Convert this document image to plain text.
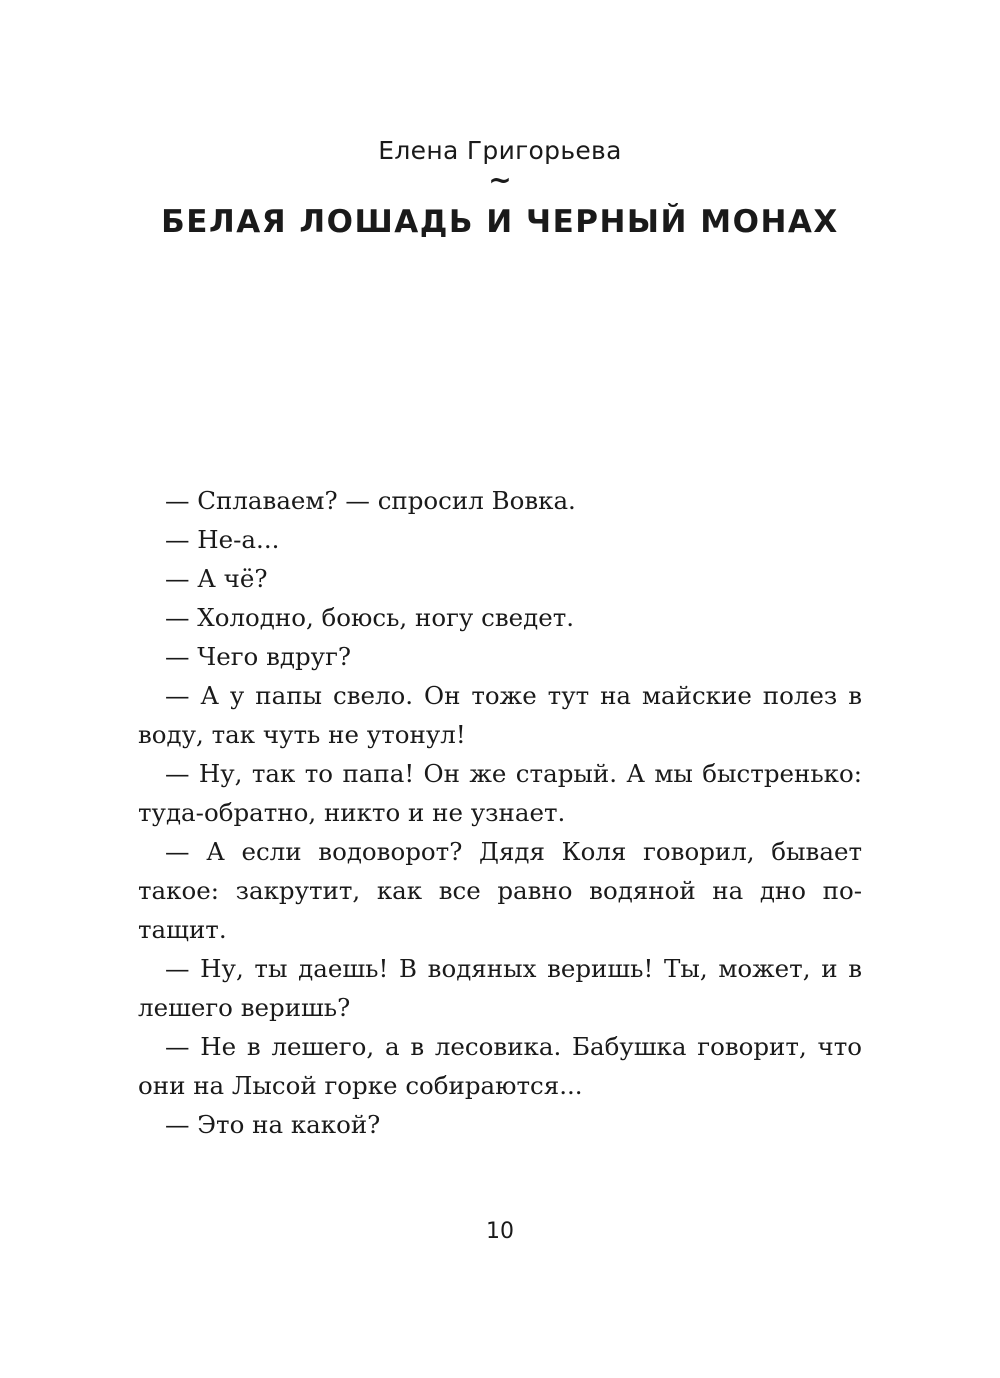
Елена Григорьева
~
БЕЛАЯ ЛОШАДЬ И ЧЕРНЫЙ МОНАХ

— Сплаваем? — спросил Вовка.

— Не-а...

— А чё?

— Холодно, боюсь, ногу сведет.

— Чего вдруг?

— А у папы свело. Он тоже тут на майские полез в воду, так чуть не утонул!

— Ну, так то папа! Он же старый. А мы быстренько: туда-обратно, никто и не узнает.

— А если водоворот? Дядя Коля говорил, бывает такое: закрутит, как все равно водяной на дно потащит.

— Ну, ты даешь! В водяных веришь! Ты, может, и в лешего веришь?

— Не в лешего, а в лесовика. Бабушка говорит, что они на Лысой горке собираются...

— Это на какой?

10
